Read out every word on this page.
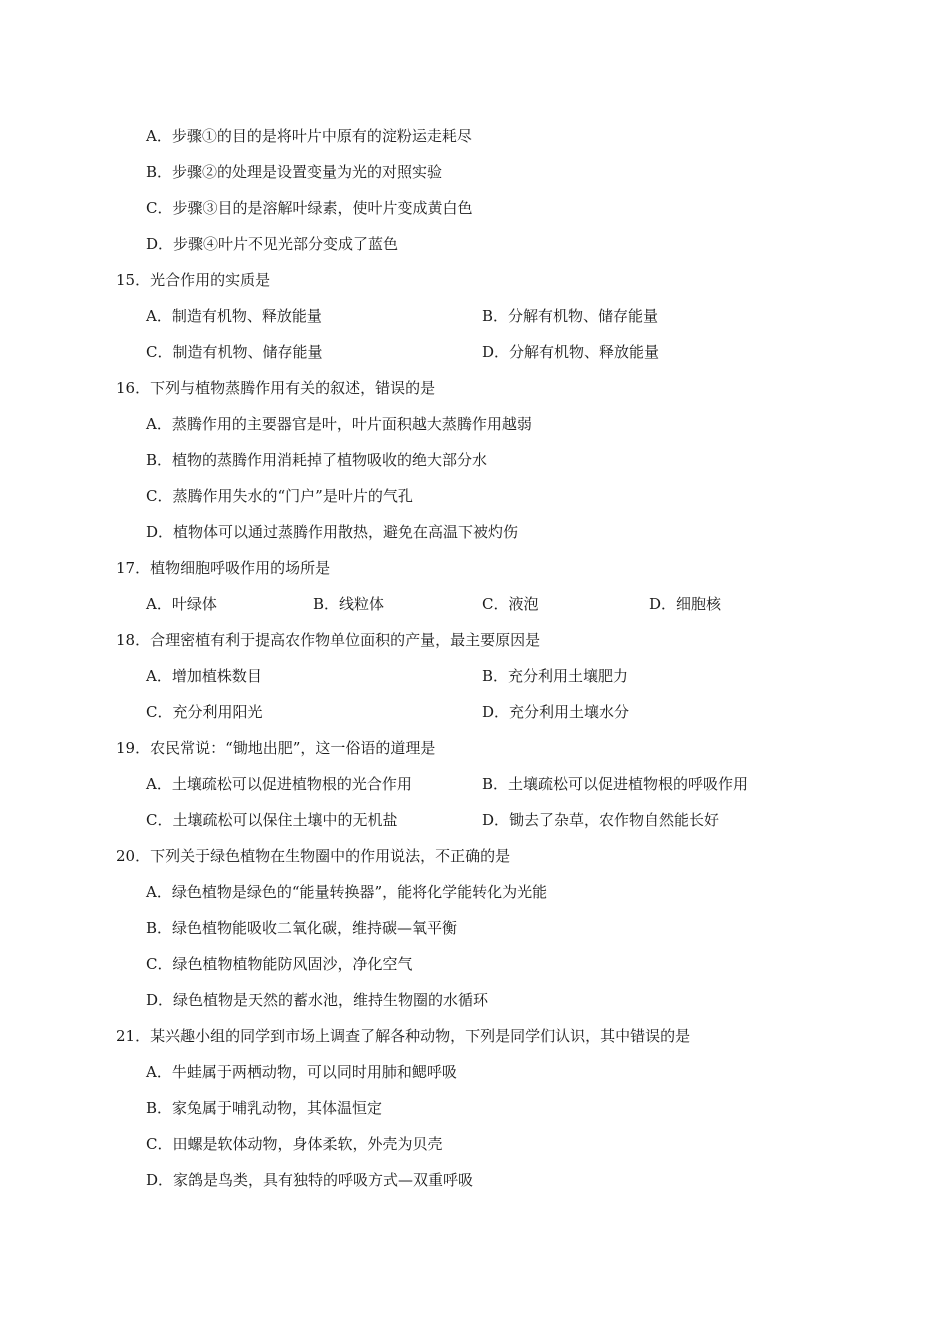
A．步骤①的目的是将叶片中原有的淀粉运走耗尽
B．步骤②的处理是设置变量为光的对照实验
C．步骤③目的是溶解叶绿素，使叶片变成黄白色
D．步骤④叶片不见光部分变成了蓝色
15．光合作用的实质是
A．制造有机物、释放能量	B．分解有机物、储存能量
C．制造有机物、储存能量	D．分解有机物、释放能量
16．下列与植物蒸腾作用有关的叙述，错误的是
A．蒸腾作用的主要器官是叶，叶片面积越大蒸腾作用越弱
B．植物的蒸腾作用消耗掉了植物吸收的绝大部分水
C．蒸腾作用失水的“门户”是叶片的气孔
D．植物体可以通过蒸腾作用散热，避免在高温下被灼伤
17．植物细胞呼吸作用的场所是
A．叶绿体	B．线粒体	C．液泡	D．细胞核
18．合理密植有利于提高农作物单位面积的产量，最主要原因是
A．增加植株数目	B．充分利用土壤肥力
C．充分利用阳光	D．充分利用土壤水分
19．农民常说：“锄地出肥”，这一俗语的道理是
A．土壤疏松可以促进植物根的光合作用	B．土壤疏松可以促进植物根的呼吸作用
C．土壤疏松可以保住土壤中的无机盐	D．锄去了杂草，农作物自然能长好
20．下列关于绿色植物在生物圈中的作用说法，不正确的是
A．绿色植物是绿色的“能量转换器”，能将化学能转化为光能
B．绿色植物能吸收二氧化碳，维持碳—氧平衡
C．绿色植物植物能防风固沙，净化空气
D．绿色植物是天然的蓄水池，维持生物圈的水循环
21．某兴趣小组的同学到市场上调查了解各种动物，下列是同学们认识，其中错误的是
A．牛蛙属于两栖动物，可以同时用肺和鳃呼吸
B．家兔属于哺乳动物，其体温恒定
C．田螺是软体动物，身体柔软，外壳为贝壳
D．家鸽是鸟类，具有独特的呼吸方式—双重呼吸
